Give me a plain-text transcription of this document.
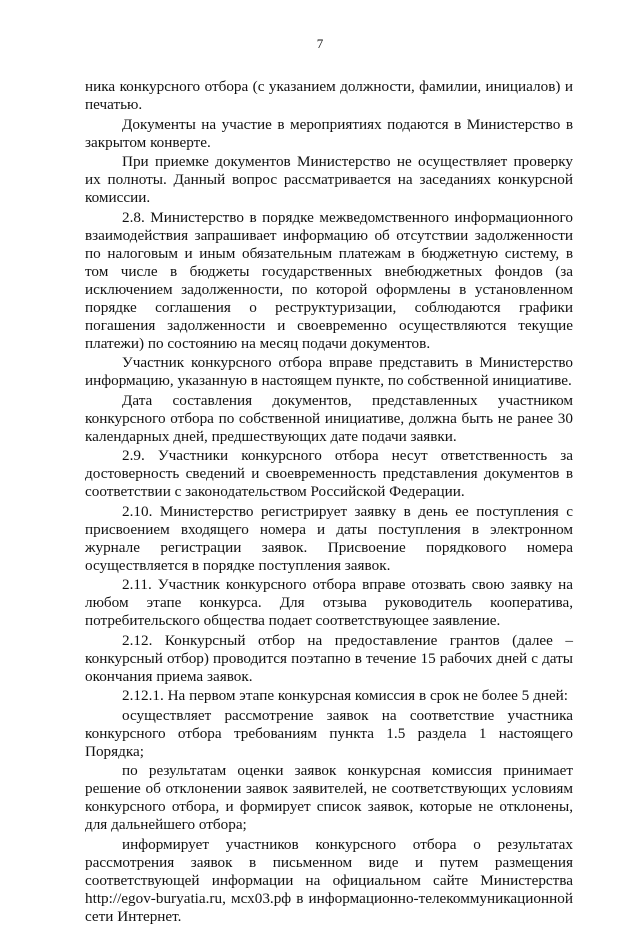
7

ника конкурсного отбора (с указанием должности, фамилии, инициалов) и печатью.

Документы на участие в мероприятиях подаются в Министерство в закрытом конверте.

При приемке документов Министерство не осуществляет проверку их полноты. Данный вопрос рассматривается на заседаниях конкурсной комиссии.

2.8. Министерство в порядке межведомственного информационного взаимодействия запрашивает информацию об отсутствии задолженности по налоговым и иным обязательным платежам в бюджетную систему, в том числе в бюджеты государственных внебюджетных фондов (за исключением задолженности, по которой оформлены в установленном порядке соглашения о реструктуризации, соблюдаются графики погашения задолженности и своевременно осуществляются текущие платежи) по состоянию на месяц подачи документов.

Участник конкурсного отбора вправе представить в Министерство информацию, указанную в настоящем пункте, по собственной инициативе.

Дата составления документов, представленных участником конкурсного отбора по собственной инициативе, должна быть не ранее 30 календарных дней, предшествующих дате подачи заявки.

2.9. Участники конкурсного отбора несут ответственность за достоверность сведений и своевременность представления документов в соответствии с законодательством Российской Федерации.

2.10. Министерство регистрирует заявку в день ее поступления с присвоением входящего номера и даты поступления в электронном журнале регистрации заявок. Присвоение порядкового номера осуществляется в порядке поступления заявок.

2.11. Участник конкурсного отбора вправе отозвать свою заявку на любом этапе конкурса. Для отзыва руководитель кооператива, потребительского общества подает соответствующее заявление.

2.12. Конкурсный отбор на предоставление грантов (далее – конкурсный отбор) проводится поэтапно в течение 15 рабочих дней с даты окончания приема заявок.

2.12.1. На первом этапе конкурсная комиссия в срок не более 5 дней:

осуществляет рассмотрение заявок на соответствие участника конкурсного отбора требованиям пункта 1.5 раздела 1 настоящего Порядка;

по результатам оценки заявок конкурсная комиссия принимает решение об отклонении заявок заявителей, не соответствующих условиям конкурсного отбора, и формирует список заявок, которые не отклонены, для дальнейшего отбора;

информирует участников конкурсного отбора о результатах рассмотрения заявок в письменном виде и путем размещения соответствующей информации на официальном сайте Министерства http://egov-buryatia.ru, мсх03.рф в информационно-телекоммуникационной сети Интернет.
